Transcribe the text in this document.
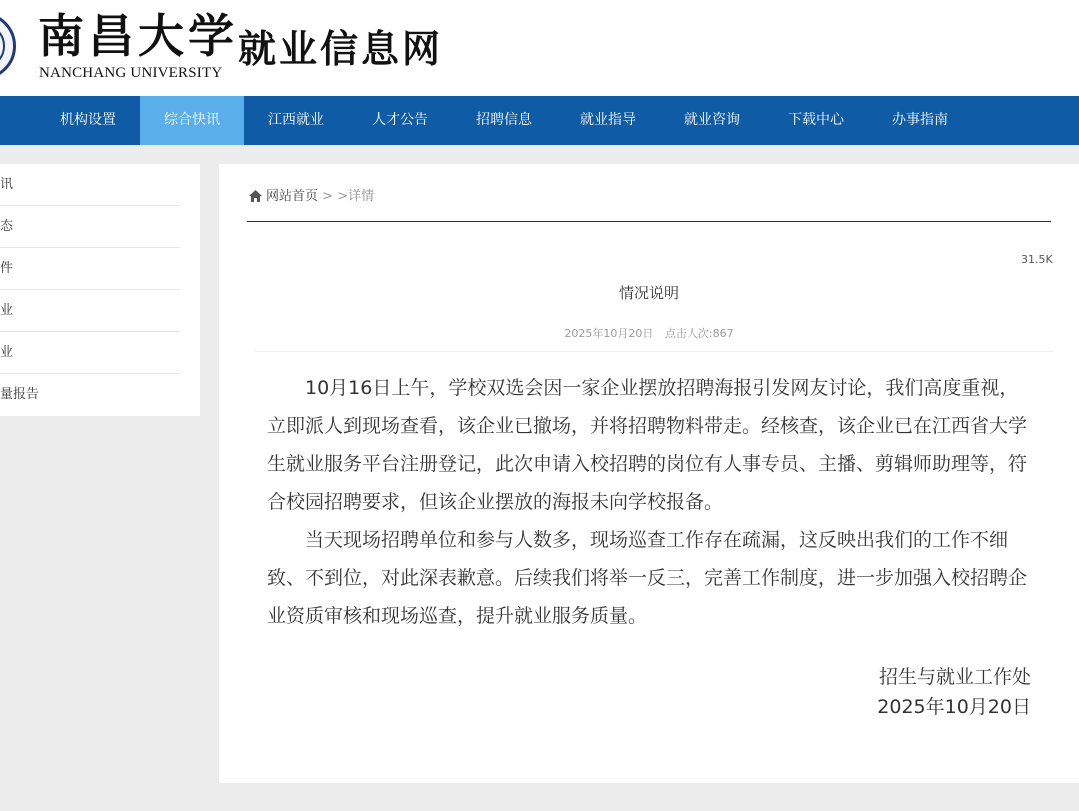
南昌大学
NANCHANG UNIVERSITY
就业信息网
机构设置	综合快讯	江西就业	人才公告	招聘信息	就业指导	就业咨询	下载中心	办事指南
讯
态
件
业
业
量报告
网站首页 > >详情
31.5K
情况说明
2025年10月20日 点击人次:867

10月16日上午，学校双选会因一家企业摆放招聘海报引发网友讨论，我们高度重视，立即派人到现场查看，该企业已撤场，并将招聘物料带走。经核查，该企业已在江西省大学生就业服务平台注册登记，此次申请入校招聘的岗位有人事专员、主播、剪辑师助理等，符合校园招聘要求，但该企业摆放的海报未向学校报备。

当天现场招聘单位和参与人数多，现场巡查工作存在疏漏，这反映出我们的工作不细致、不到位，对此深表歉意。后续我们将举一反三，完善工作制度，进一步加强入校招聘企业资质审核和现场巡查，提升就业服务质量。

招生与就业工作处
2025年10月20日
